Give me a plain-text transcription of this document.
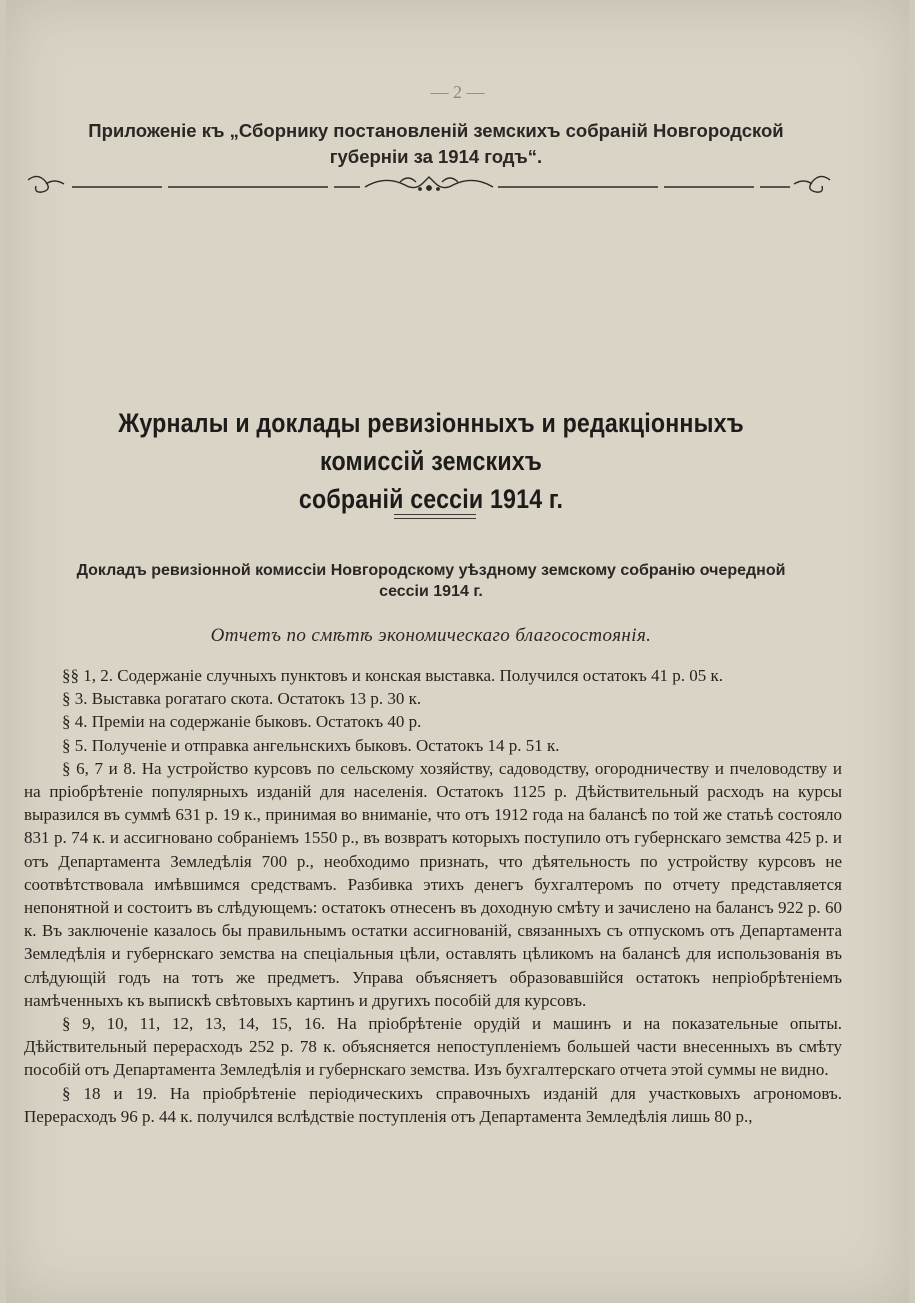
— 2 —
Приложенiе къ „Сборнику постановленiй земскихъ собранiй Новгородской
губернiи за 1914 годъ“.
Журналы и доклады ревизiонныхъ и редакцiонныхъ комиссiй земскихъ
собранiй сессiи 1914 г.
Докладъ ревизiонной комиссiи Новгородскому уѣздному земскому собранiю очередной
сессiи 1914 г.
Отчетъ по смѣтѣ экономическаго благосостоянiя.

§§ 1, 2. Содержанiе случныхъ пунктовъ и конская выставка. Получился остатокъ 41 р. 05 к.

§ 3. Выставка рогатаго скота. Остатокъ 13 р. 30 к.

§ 4. Премiи на содержанiе быковъ. Остатокъ 40 р.

§ 5. Полученiе и отправка ангельнскихъ быковъ. Остатокъ 14 р. 51 к.

§ 6, 7 и 8. На устройство курсовъ по сельскому хозяйству, садоводству, огородничеству и пчеловодству и на прiобрѣтенiе популярныхъ изданiй для населенiя. Остатокъ 1125 р. Дѣйствительный расходъ на курсы выразился въ суммѣ 631 р. 19 к., принимая во вниманiе, что отъ 1912 года на балансѣ по той же статьѣ состояло 831 р. 74 к. и ассигновано собранiемъ 1550 р., въ возвратъ которыхъ поступило отъ губернскаго земства 425 р. и отъ Департамента Земледѣлiя 700 р., необходимо признать, что дѣятельность по устройству курсовъ не соотвѣтствовала имѣвшимся средствамъ. Разбивка этихъ денегъ бухгалтеромъ по отчету представляется непонятной и состоитъ въ слѣдующемъ: остатокъ отнесенъ въ доходную смѣту и зачислено на балансъ 922 р. 60 к. Въ заключенiе казалось бы правильнымъ остатки ассигнованiй, связанныхъ съ отпускомъ отъ Департамента Земледѣлiя и губернскаго земства на спецiальныя цѣли, оставлять цѣликомъ на балансѣ для использованiя въ слѣдующiй годъ на тотъ же предметъ. Управа объясняетъ образовавшiйся остатокъ непрiобрѣтенiемъ намѣченныхъ къ выпискѣ свѣтовыхъ картинъ и другихъ пособiй для курсовъ.

§ 9, 10, 11, 12, 13, 14, 15, 16. На прiобрѣтенiе орудiй и машинъ и на показательные опыты. Дѣйствительный перерасходъ 252 р. 78 к. объясняется непоступленiемъ большей части внесенныхъ въ смѣту пособiй отъ Департамента Земледѣлiя и губернскаго земства. Изъ бухгалтерскаго отчета этой суммы не видно.

§ 18 и 19. На прiобрѣтенiе перiодическихъ справочныхъ изданiй для участковыхъ агрономовъ. Перерасходъ 96 р. 44 к. получился вслѣдствiе поступленiя отъ Департамента Земледѣлiя лишь 80 р.,
